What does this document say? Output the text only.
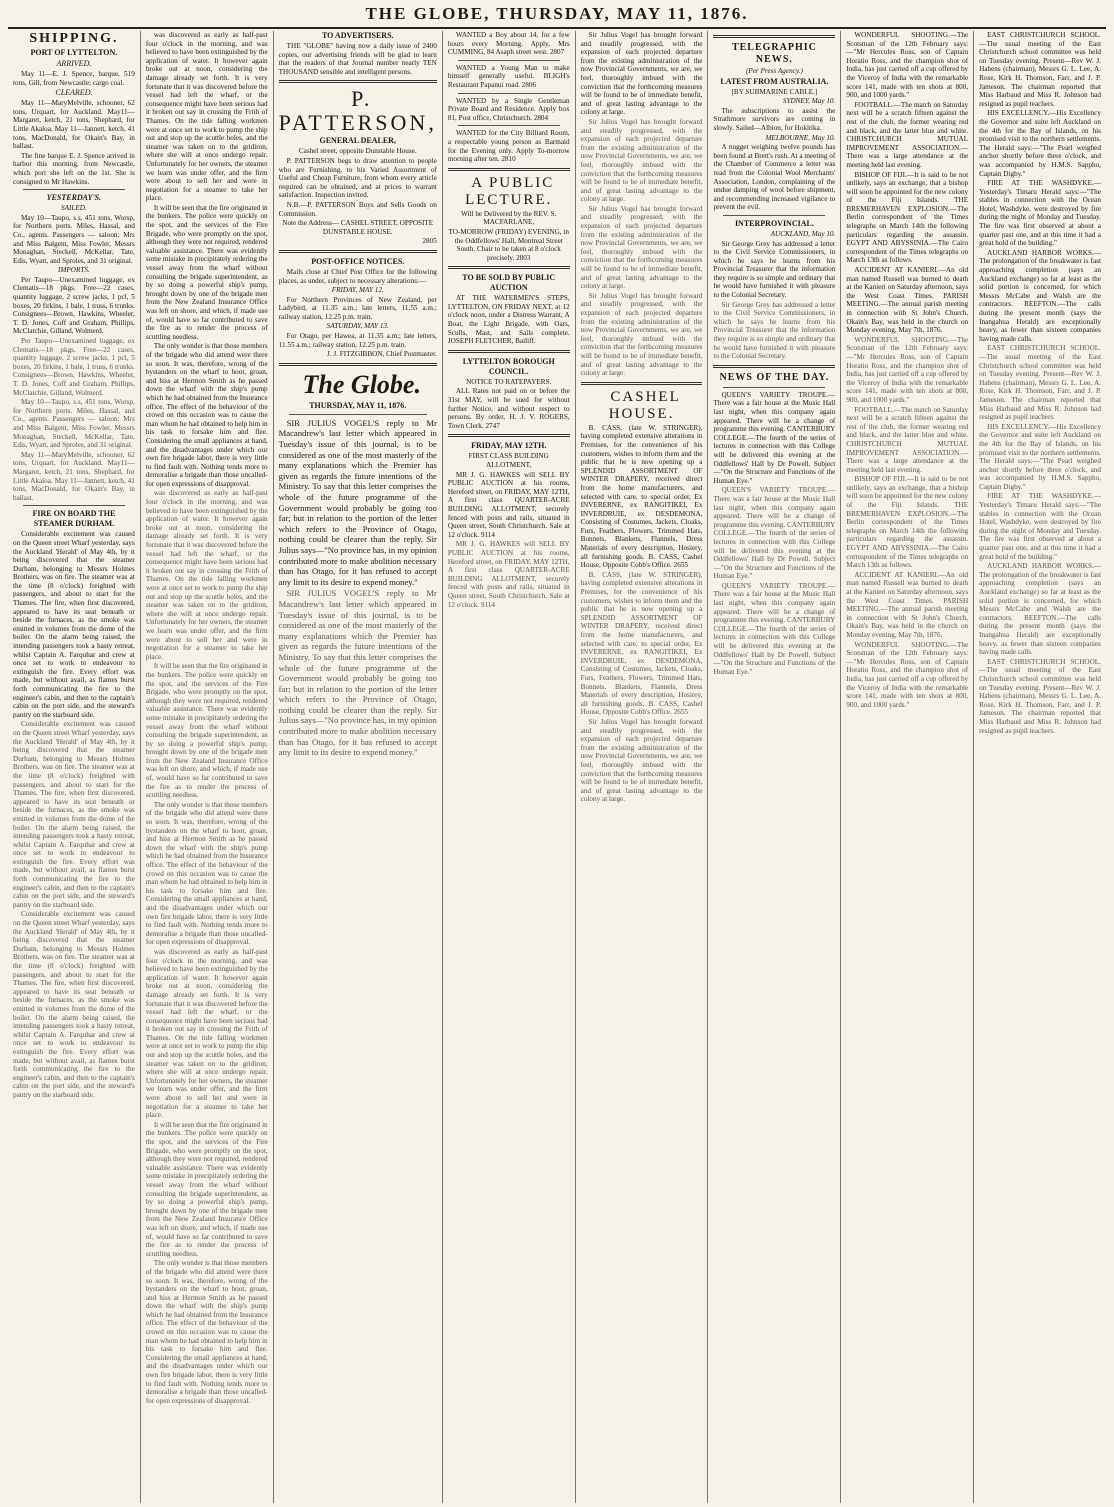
THE GLOBE, THURSDAY, MAY 11, 1876.

SHIPPING.

PORT OF LYTTELTON.

ARRIVED.

May 11—E. J. Spence, barque, 519 tons, Gill, from Newcastle; cargo coal.

CLEARED.

May 11—MaryMelville, schooner, 62 tons, Urquart, for Auckland. May11—Margaret, ketch, 21 tons, Shephard, for Little Akaloa. May 11—Jannett, ketch, 41 tons, MacDonald, for Okain's Bay, in ballast.

The fine barque E. J. Spence arrived in harbor this morning, from Newcastle, which port she left on the 1st. She is consigned to Mr Hawkins.

YESTERDAY'S.

SAILED.

May 10—Taupo, s.s, 451 tons, Worsp, for Northern ports. Miles, Hassal, and Co., agents. Passengers — saloon: Mrs and Miss Balgent, Miss Fowler, Messrs Monaghan, Steckell, McKellar, Tate, Edis, Wyatt, and Sproles, and 31 original.

IMPORTS.

Per Taupo—Unexamined luggage, ex Clematis—18 pkgs. Free—22 cases, quantity luggage, 2 screw jacks, 1 pcl, 5 boxes, 20 firkins, 1 bale, 1 truss, 6 trunks. Consignees—Brown, Hawkins, Wheeler, T. D. Jones, Coff and Graham, Phillips, McClatchie, Gilland, Wolmerd.

Per Taupo—Unexamined luggage, ex Clematis—18 pkgs. Free—22 cases, quantity luggage, 2 screw jacks, 1 pcl, 5 boxes, 20 firkins, 1 bale, 1 truss, 6 trunks. Consignees—Brown, Hawkins, Wheeler, T. D. Jones, Coff and Graham, Phillips, McClatchie, Gilland, Wolmerd.

May 10—Taupo, s.s, 451 tons, Worsp, for Northern ports. Miles, Hassal, and Co., agents. Passengers — saloon: Mrs and Miss Balgent, Miss Fowler, Messrs Monaghan, Steckell, McKellar, Tate, Edis, Wyatt, and Sproles, and 31 original.

May 11—MaryMelville, schooner, 62 tons, Urquart, for Auckland. May11—Margaret, ketch, 21 tons, Shephard, for Little Akaloa. May 11—Jannett, ketch, 41 tons, MacDonald, for Okain's Bay, in ballast.

FIRE ON BOARD THE STEAMER DURHAM.

Considerable excitement was caused on the Queen street Wharf yesterday, says the Auckland 'Herald' of May 4th, by it being discovered that the steamer Durham, belonging to Messrs Holmes Brothers, was on fire. The steamer was at the time (8 o'clock) freighted with passengers, and about to start for the Thames. The fire, when first discovered, appeared to have its seat beneath or beside the furnaces, as the smoke was emitted in volumes from the dome of the boiler. On the alarm being raised, the intending passengers took a hasty retreat, whilst Captain A. Farquhar and crew at once set to work to endeavour to extinguish the fire. Every effort was made, but without avail, as flames burst forth communicating the fire to the engineer's cabin, and then to the captain's cabin on the port side, and the steward's pantry on the starboard side.

Considerable excitement was caused on the Queen street Wharf yesterday, says the Auckland 'Herald' of May 4th, by it being discovered that the steamer Durham, belonging to Messrs Holmes Brothers, was on fire. The steamer was at the time (8 o'clock) freighted with passengers, and about to start for the Thames. The fire, when first discovered, appeared to have its seat beneath or beside the furnaces, as the smoke was emitted in volumes from the dome of the boiler. On the alarm being raised, the intending passengers took a hasty retreat, whilst Captain A. Farquhar and crew at once set to work to endeavour to extinguish the fire. Every effort was made, but without avail, as flames burst forth communicating the fire to the engineer's cabin, and then to the captain's cabin on the port side, and the steward's pantry on the starboard side.

Considerable excitement was caused on the Queen street Wharf yesterday, says the Auckland 'Herald' of May 4th, by it being discovered that the steamer Durham, belonging to Messrs Holmes Brothers, was on fire. The steamer was at the time (8 o'clock) freighted with passengers, and about to start for the Thames. The fire, when first discovered, appeared to have its seat beneath or beside the furnaces, as the smoke was emitted in volumes from the dome of the boiler. On the alarm being raised, the intending passengers took a hasty retreat, whilst Captain A. Farquhar and crew at once set to work to endeavour to extinguish the fire. Every effort was made, but without avail, as flames burst forth communicating the fire to the engineer's cabin, and then to the captain's cabin on the port side, and the steward's pantry on the starboard side.

was discovered as early as half-past four o'clock in the morning, and was believed to have been extinguished by the application of water. It however again broke out at noon, considering the damage already set forth. It is very fortunate that it was discovered before the vessel had left the wharf, or the consequence might have been serious had it broken out say in crossing the Frith of Thames. On the tide falling workmen were at once set to work to pump the ship out and stop up the scuttle holes, and the steamer was taken on to the gridiron, where she will at once undergo repair. Unfortunately for her owners, the steamer we learn was under offer, and the firm were about to sell her and were in negotiation for a steamer to take her place.

It will be seen that the fire originated in the bunkers. The police were quickly on the spot, and the services of the Fire Brigade, who were promptly on the spot, although they were not required, rendered valuable assistance. There was evidently some mistake in precipitately ordering the vessel away from the wharf without consulting the brigade superintendent, as by so doing a powerful ship's pump, brought down by one of the brigade men from the New Zealand Insurance Office was left on shore, and which, if made use of, would have so far contributed to save the fire as to render the process of scuttling needless.

The only wonder is that those members of the brigade who did attend were there so soon. It was, therefore, wrong of the bystanders on the wharf to hoot, groan, and hiss at Hermon Smith as he passed down the wharf with the ship's pump which he had obtained from the Insurance office. The effect of the behaviour of the crowd on this occasion was to cause the man whom he had obtained to help him in his task to forsake him and flee. Considering the small appliances at hand, and the disadvantages under which our own fire brigade labor, there is very little to find fault with. Nothing tends more to demoralise a brigade than those uncalled-for open expressions of disapproval.

was discovered as early as half-past four o'clock in the morning, and was believed to have been extinguished by the application of water. It however again broke out at noon, considering the damage already set forth. It is very fortunate that it was discovered before the vessel had left the wharf, or the consequence might have been serious had it broken out say in crossing the Frith of Thames. On the tide falling workmen were at once set to work to pump the ship out and stop up the scuttle holes, and the steamer was taken on to the gridiron, where she will at once undergo repair. Unfortunately for her owners, the steamer we learn was under offer, and the firm were about to sell her and were in negotiation for a steamer to take her place.

It will be seen that the fire originated in the bunkers. The police were quickly on the spot, and the services of the Fire Brigade, who were promptly on the spot, although they were not required, rendered valuable assistance. There was evidently some mistake in precipitately ordering the vessel away from the wharf without consulting the brigade superintendent, as by so doing a powerful ship's pump, brought down by one of the brigade men from the New Zealand Insurance Office was left on shore, and which, if made use of, would have so far contributed to save the fire as to render the process of scuttling needless.

The only wonder is that those members of the brigade who did attend were there so soon. It was, therefore, wrong of the bystanders on the wharf to hoot, groan, and hiss at Hermon Smith as he passed down the wharf with the ship's pump which he had obtained from the Insurance office. The effect of the behaviour of the crowd on this occasion was to cause the man whom he had obtained to help him in his task to forsake him and flee. Considering the small appliances at hand, and the disadvantages under which our own fire brigade labor, there is very little to find fault with. Nothing tends more to demoralise a brigade than those uncalled-for open expressions of disapproval.

was discovered as early as half-past four o'clock in the morning, and was believed to have been extinguished by the application of water. It however again broke out at noon, considering the damage already set forth. It is very fortunate that it was discovered before the vessel had left the wharf, or the consequence might have been serious had it broken out say in crossing the Frith of Thames. On the tide falling workmen were at once set to work to pump the ship out and stop up the scuttle holes, and the steamer was taken on to the gridiron, where she will at once undergo repair. Unfortunately for her owners, the steamer we learn was under offer, and the firm were about to sell her and were in negotiation for a steamer to take her place.

It will be seen that the fire originated in the bunkers. The police were quickly on the spot, and the services of the Fire Brigade, who were promptly on the spot, although they were not required, rendered valuable assistance. There was evidently some mistake in precipitately ordering the vessel away from the wharf without consulting the brigade superintendent, as by so doing a powerful ship's pump, brought down by one of the brigade men from the New Zealand Insurance Office was left on shore, and which, if made use of, would have so far contributed to save the fire as to render the process of scuttling needless.

The only wonder is that those members of the brigade who did attend were there so soon. It was, therefore, wrong of the bystanders on the wharf to hoot, groan, and hiss at Hermon Smith as he passed down the wharf with the ship's pump which he had obtained from the Insurance office. The effect of the behaviour of the crowd on this occasion was to cause the man whom he had obtained to help him in his task to forsake him and flee. Considering the small appliances at hand, and the disadvantages under which our own fire brigade labor, there is very little to find fault with. Nothing tends more to demoralise a brigade than those uncalled-for open expressions of disapproval.

TO ADVERTISERS.

THE "GLOBE" having now a daily issue of 2400 copies, our advertising friends will be glad to learn that the readers of that Journal number nearly TEN THOUSAND sensible and intelligent persons.

P. PATTERSON,

GENERAL DEALER,

Cashel street, opposite Dunstable House.

P. PATTERSON begs to draw attention to people who are Furnishing, to his Varied Assortment of Useful and Cheap Furniture, from whom every article required can be obtained, and at prices to warrant satisfaction. Inspection invited.

N.B.—P. PATTERSON Buys and Sells Goods on Commission.

Note the Address— CASHEL STREET, OPPOSITE DUNSTABLE HOUSE.

2805

POST-OFFICE NOTICES.

Mails close at Chief Post Office for the following places, as under, subject to necessary alterations:—

FRIDAY, MAY 12.

For Northern Provinces of New Zealand, per Ladybird, at 11.35 a.m.; late letters, 11.55 a.m.; railway station, 12.25 p.m. train.

SATURDAY, MAY 13.

For Otago, per Hawea, at 11.35 a.m.; late letters, 11.55 a.m.; railway station, 12.25 p.m. train.

J. J. FITZGIBBON, Chief Postmaster.

The Globe.

THURSDAY, MAY 11, 1876.

SIR JULIUS VOGEL'S reply to Mr Macandrew's last letter which appeared in Tuesday's issue of this journal, is to be considered as one of the most masterly of the many explanations which the Premier has given as regards the future intentions of the Ministry. To say that this letter comprises the whole of the future programme of the Government would probably be going too far; but in relation to the portion of the letter which refers to the Province of Otago, nothing could be clearer than the reply. Sir Julius says—"No province has, in my opinion contributed more to make abolition necessary than has Otago, for it has refused to accept any limit to its desire to expend money."

SIR JULIUS VOGEL'S reply to Mr Macandrew's last letter which appeared in Tuesday's issue of this journal, is to be considered as one of the most masterly of the many explanations which the Premier has given as regards the future intentions of the Ministry. To say that this letter comprises the whole of the future programme of the Government would probably be going too far; but in relation to the portion of the letter which refers to the Province of Otago, nothing could be clearer than the reply. Sir Julius says—"No province has, in my opinion contributed more to make abolition necessary than has Otago, for it has refused to accept any limit to its desire to expend money."

WANTED a Boy about 14, for a few hours every Morning. Apply, Mrs CUMMING, 84 Asaph street west. 2807

WANTED a Young Man to make himself generally useful. BLIGH's Restaurant Papanui road. 2806

WANTED by a Single Gentleman Private Board and Residence. Apply box 81, Post office, Christchurch. 2804

WANTED for the City Billiard Room, a respectable young person as Barmaid for the Evening only. Apply To-morrow morning after ten. 2810

A PUBLIC LECTURE.

Will be Delivered by the REV. S. MACFARLANE,

TO-MORROW (FRIDAY) EVENING, in the Oddfellows' Hall, Montreal Street South. Chair to be taken at 8 o'clock precisely. 2803

TO BE SOLD BY PUBLIC AUCTION

AT THE WATERMEN'S STEPS, LYTTELTON, ON FRIDAY NEXT, at 12 o'clock noon, under a Distress Warrant, A Boat, the Light Brigade, with Oars, Sculls, Mast, and Sails complete. JOSEPH FLETCHER, Bailiff.

LYTTELTON BOROUGH COUNCIL.

NOTICE TO RATEPAYERS.

ALL Rates not paid on or before the 31st MAY, will be sued for without further Notice, and without respect to persons. By order, H. J. V. ROGERS, Town Clerk. 2747

FRIDAY, MAY 12TH.

FIRST CLASS BUILDING ALLOTMENT,

MR J. G. HAWKES will SELL BY PUBLIC AUCTION at his rooms, Hereford street, on FRIDAY, MAY 12TH, A first class QUARTER-ACRE BUILDING ALLOTMENT, securely fenced with posts and rails, situated in Queen street, South Christchurch. Sale at 12 o'clock. 9114

MR J. G. HAWKES will SELL BY PUBLIC AUCTION at his rooms, Hereford street, on FRIDAY, MAY 12TH, A first class QUARTER-ACRE BUILDING ALLOTMENT, securely fenced with posts and rails, situated in Queen street, South Christchurch. Sale at 12 o'clock. 9114

Sir Julius Vogel has brought forward and steadily progressed, with the expansion of each projected departure from the existing administration of the now Provincial Governments, we are, we feel, thoroughly imbued with the conviction that the forthcoming measures will be found to be of immediate benefit, and of great lasting advantage to the colony at large.

Sir Julius Vogel has brought forward and steadily progressed, with the expansion of each projected departure from the existing administration of the now Provincial Governments, we are, we feel, thoroughly imbued with the conviction that the forthcoming measures will be found to be of immediate benefit, and of great lasting advantage to the colony at large.

Sir Julius Vogel has brought forward and steadily progressed, with the expansion of each projected departure from the existing administration of the now Provincial Governments, we are, we feel, thoroughly imbued with the conviction that the forthcoming measures will be found to be of immediate benefit, and of great lasting advantage to the colony at large.

Sir Julius Vogel has brought forward and steadily progressed, with the expansion of each projected departure from the existing administration of the now Provincial Governments, we are, we feel, thoroughly imbued with the conviction that the forthcoming measures will be found to be of immediate benefit, and of great lasting advantage to the colony at large.

CASHEL HOUSE.

B. CASS, (late W. STRINGER), having completed extensive alterations in Premises, for the convenience of his customers, wishes to inform them and the public that he is now opening up a SPLENDID ASSORTMENT OF WINTER DRAPERY, received direct from the home manufacturers, and selected with care, to special order, Ex INVERERNE, ex RANGITIKEI, Ex INVERDRUIE, ex DESDEMONA, Consisting of Costumes, Jackets, Cloaks, Furs, Feathers, Flowers, Trimmed Hats, Bonnets, Blankets, Flannels, Dress Materials of every description, Hosiery, all furnishing goods. B. CASS, Cashel House, Opposite Cobb's Office. 2655

B. CASS, (late W. STRINGER), having completed extensive alterations in Premises, for the convenience of his customers, wishes to inform them and the public that he is now opening up a SPLENDID ASSORTMENT OF WINTER DRAPERY, received direct from the home manufacturers, and selected with care, to special order, Ex INVERERNE, ex RANGITIKEI, Ex INVERDRUIE, ex DESDEMONA, Consisting of Costumes, Jackets, Cloaks, Furs, Feathers, Flowers, Trimmed Hats, Bonnets, Blankets, Flannels, Dress Materials of every description, Hosiery, all furnishing goods. B. CASS, Cashel House, Opposite Cobb's Office. 2655

Sir Julius Vogel has brought forward and steadily progressed, with the expansion of each projected departure from the existing administration of the now Provincial Governments, we are, we feel, thoroughly imbued with the conviction that the forthcoming measures will be found to be of immediate benefit, and of great lasting advantage to the colony at large.

TELEGRAPHIC NEWS.

(Per Press Agency.)

LATEST FROM AUSTRALIA.

[BY SUBMARINE CABLE.]

SYDNEY, May 10.

The subscriptions to assist the Strathmore survivors are coming in slowly. Sailed—Albion, for Hokitika.

MELBOURNE, May 10.

A nugget weighing twelve pounds has been found at Brett's rush. At a meeting of the Chamber of Commerce a letter was read from the Colonial Wool Merchants' Association, London, complaining of the undue damping of wool before shipment, and recommending increased vigilance to prevent the evil.

INTERPROVINCIAL.

AUCKLAND, May 10.

Sir George Grey has addressed a letter to the Civil Service Commissioners, in which he says he learns from his Provincial Treasurer that the information they require is so simple and ordinary that he would have furnished it with pleasure to the Colonial Secretary.

Sir George Grey has addressed a letter to the Civil Service Commissioners, in which he says he learns from his Provincial Treasurer that the information they require is so simple and ordinary that he would have furnished it with pleasure to the Colonial Secretary.

NEWS OF THE DAY.

QUEEN'S VARIETY TROUPE.—There was a fair house at the Music Hall last night, when this company again appeared. There will be a change of programme this evening. CANTERBURY COLLEGE.—The fourth of the series of lectures in connection with this College will be delivered this evening at the Oddfellows' Hall by Dr Powell. Subject—"On the Structure and Functions of the Human Eye."

QUEEN'S VARIETY TROUPE.—There was a fair house at the Music Hall last night, when this company again appeared. There will be a change of programme this evening. CANTERBURY COLLEGE.—The fourth of the series of lectures in connection with this College will be delivered this evening at the Oddfellows' Hall by Dr Powell. Subject—"On the Structure and Functions of the Human Eye."

QUEEN'S VARIETY TROUPE.—There was a fair house at the Music Hall last night, when this company again appeared. There will be a change of programme this evening. CANTERBURY COLLEGE.—The fourth of the series of lectures in connection with this College will be delivered this evening at the Oddfellows' Hall by Dr Powell. Subject—"On the Structure and Functions of the Human Eye."

WONDERFUL SHOOTING.—The Scotsman of the 12th February says:—"Mr Hercules Ross, son of Captain Horatio Ross, and the champion shot of India, has just carried off a cup offered by the Viceroy of India with the remarkable score 141, made with ten shots at 800, 900, and 1000 yards."

FOOTBALL.—The match on Saturday next will be a scratch fifteen against the rest of the club, the former wearing red and black, and the latter blue and white. CHRISTCHURCH MUTUAL IMPROVEMENT ASSOCIATION.—There was a large attendance at the meeting held last evening.

BISHOP OF FIJI.—It is said to be not unlikely, says an exchange, that a bishop will soon be appointed for the new colony of the Fiji Islands. THE BREMERHAVEN EXPLOSION.—The Berlin correspondent of the Times telegraphs on March 14th the following particulars regarding the assassin. EGYPT AND ABYSSINIA.—The Cairo correspondent of the Times telegraphs on March 13th as follows.

ACCIDENT AT KANIERI.—An old man named Russell was burned to death at the Kanieri on Saturday afternoon, says the West Coast Times. PARISH MEETING.—The annual parish meeting in connection with St John's Church, Okain's Bay, was held in the church on Monday evening, May 7th, 1876.

WONDERFUL SHOOTING.—The Scotsman of the 12th February says:—"Mr Hercules Ross, son of Captain Horatio Ross, and the champion shot of India, has just carried off a cup offered by the Viceroy of India with the remarkable score 141, made with ten shots at 800, 900, and 1000 yards."

FOOTBALL.—The match on Saturday next will be a scratch fifteen against the rest of the club, the former wearing red and black, and the latter blue and white. CHRISTCHURCH MUTUAL IMPROVEMENT ASSOCIATION.—There was a large attendance at the meeting held last evening.

BISHOP OF FIJI.—It is said to be not unlikely, says an exchange, that a bishop will soon be appointed for the new colony of the Fiji Islands. THE BREMERHAVEN EXPLOSION.—The Berlin correspondent of the Times telegraphs on March 14th the following particulars regarding the assassin. EGYPT AND ABYSSINIA.—The Cairo correspondent of the Times telegraphs on March 13th as follows.

ACCIDENT AT KANIERI.—An old man named Russell was burned to death at the Kanieri on Saturday afternoon, says the West Coast Times. PARISH MEETING.—The annual parish meeting in connection with St John's Church, Okain's Bay, was held in the church on Monday evening, May 7th, 1876.

WONDERFUL SHOOTING.—The Scotsman of the 12th February says:—"Mr Hercules Ross, son of Captain Horatio Ross, and the champion shot of India, has just carried off a cup offered by the Viceroy of India with the remarkable score 141, made with ten shots at 800, 900, and 1000 yards."

EAST CHRISTCHURCH SCHOOL.—The usual meeting of the East Christchurch school committee was held on Tuesday evening. Present—Rev W. J. Habens (chairman), Messrs G. L. Lee, A. Rose, Kirk H. Thomson, Farr, and J. P. Jameson. The chairman reported that Miss Harbaud and Miss R. Johnson had resigned as pupil teachers.

HIS EXCELLENCY.—His Excellency the Governor and suite left Auckland on the 4th for the Bay of Islands, on his promised visit to the northern settlements. The Herald says:—"The Pearl weighed anchor shortly before three o'clock, and was accompanied by H.M.S. Sappho, Captain Digby."

FIRE AT THE WASHDYKE.—Yesterday's Timaru Herald says:—"The stables in connection with the Ocean Hotel, Washdyke, were destroyed by fire during the night of Monday and Tuesday. The fire was first observed at about a quarter past one, and at this time it had a great hold of the building."

AUCKLAND HARBOR WORKS.—The prolongation of the breakwater is fast approaching completion (says an Auckland exchange) so far at least as the solid portion is concerned, for which Messrs McCabe and Walsh are the contractors. REEFTON.—The calls during the present month (says the Inangahua Herald) are exceptionally heavy, as fewer than sixteen companies having made calls.

EAST CHRISTCHURCH SCHOOL.—The usual meeting of the East Christchurch school committee was held on Tuesday evening. Present—Rev W. J. Habens (chairman), Messrs G. L. Lee, A. Rose, Kirk H. Thomson, Farr, and J. P. Jameson. The chairman reported that Miss Harbaud and Miss R. Johnson had resigned as pupil teachers.

HIS EXCELLENCY.—His Excellency the Governor and suite left Auckland on the 4th for the Bay of Islands, on his promised visit to the northern settlements. The Herald says:—"The Pearl weighed anchor shortly before three o'clock, and was accompanied by H.M.S. Sappho, Captain Digby."

FIRE AT THE WASHDYKE.—Yesterday's Timaru Herald says:—"The stables in connection with the Ocean Hotel, Washdyke, were destroyed by fire during the night of Monday and Tuesday. The fire was first observed at about a quarter past one, and at this time it had a great hold of the building."

AUCKLAND HARBOR WORKS.—The prolongation of the breakwater is fast approaching completion (says an Auckland exchange) so far at least as the solid portion is concerned, for which Messrs McCabe and Walsh are the contractors. REEFTON.—The calls during the present month (says the Inangahua Herald) are exceptionally heavy, as fewer than sixteen companies having made calls.

EAST CHRISTCHURCH SCHOOL.—The usual meeting of the East Christchurch school committee was held on Tuesday evening. Present—Rev W. J. Habens (chairman), Messrs G. L. Lee, A. Rose, Kirk H. Thomson, Farr, and J. P. Jameson. The chairman reported that Miss Harbaud and Miss R. Johnson had resigned as pupil teachers.
